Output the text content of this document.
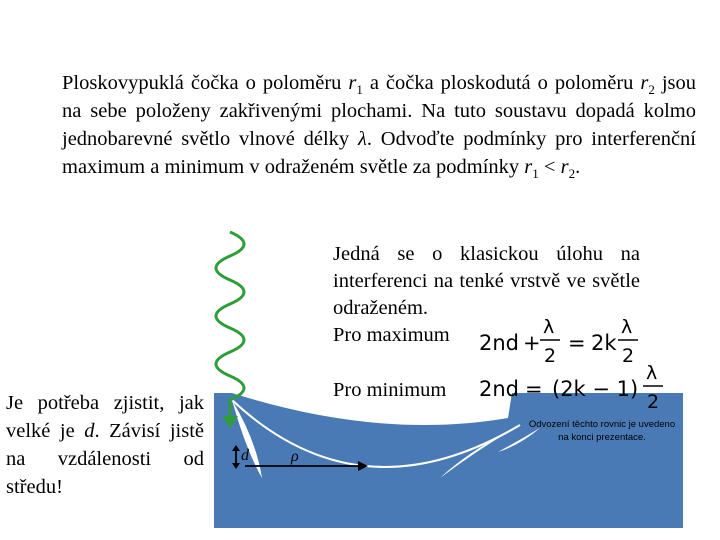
Ploskovypuklá čočka o poloměru $r_1$ a čočka ploskodutá o poloměru $r_2$ jsou na sebe položeny zakřivenými plochami. Na tuto soustavu dopadá kolmo jednobarevné světlo vlnové délky λ. Odvoďte podmínky pro interferenční maximum a minimum v odraženém světle za podmínky $r_1 < r_2$.
d	ρ
2nd +
λ
2
= 2k
λ
2
2nd = (2k − 1)
λ
2
Jedná se o klasickou úlohu na interferenci na tenké vrstvě ve světle odraženém.
Pro maximum
Pro minimum
Je potřeba zjistit, jak velké je d. Závisí jistě na vzdálenosti od středu!
Odvození těchto rovnic je uvedeno na konci prezentace.
